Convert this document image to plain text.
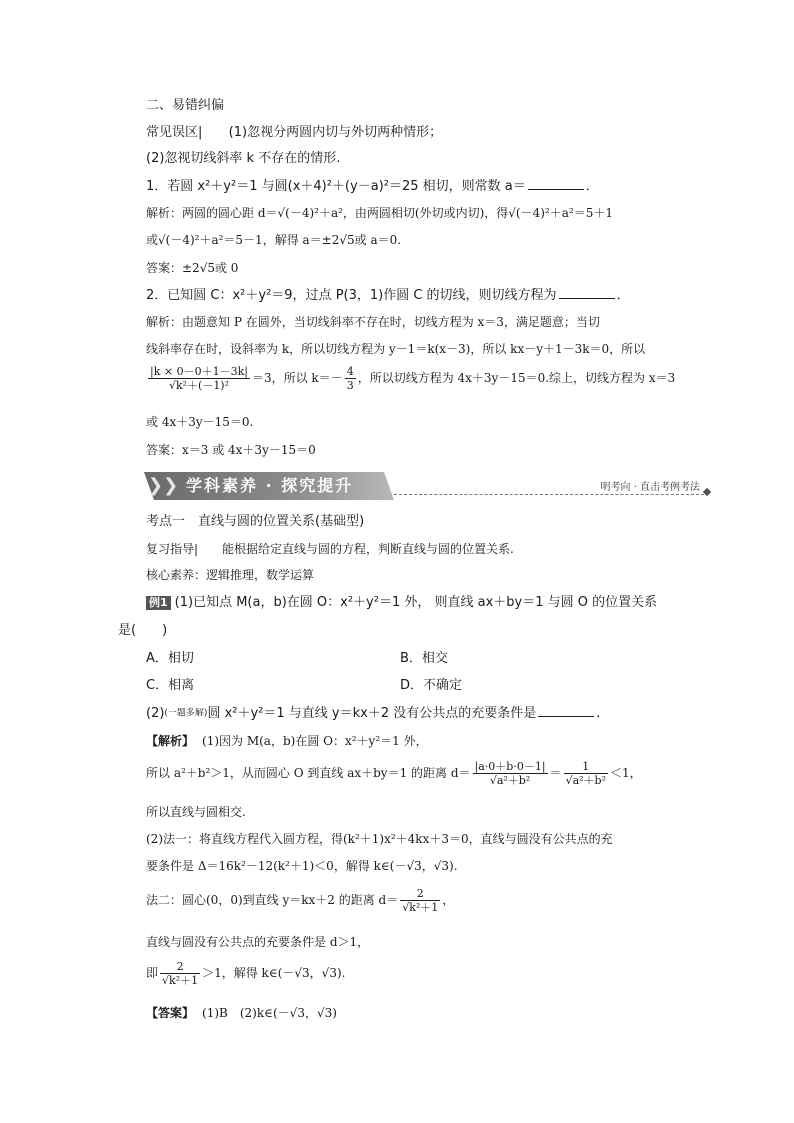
二、易错纠偏
常见误区| (1)忽视分两圆内切与外切两种情形；
(2)忽视切线斜率 k 不存在的情形.
1．若圆 x²＋y²＝1 与圆(x＋4)²＋(y－a)²＝25 相切，则常数 a＝	．
解析：两圆的圆心距 d＝√(－4)²＋a²，由两圆相切(外切或内切)，得√(－4)²＋a²＝5＋1
或√(－4)²＋a²＝5－1，解得 a＝±2√5或 a＝0.
答案：±2√5或 0
2．已知圆 C：x²＋y²＝9，过点 P(3，1)作圆 C 的切线，则切线方程为	．
解析：由题意知 P 在圆外，当切线斜率不存在时，切线方程为 x＝3，满足题意；当切
线斜率存在时，设斜率为 k，所以切线方程为 y－1＝k(x－3)，所以 kx－y＋1－3k＝0，所以
$\frac{|k \times 0-0+1-3k|}{\text{√k²＋(－1)²}} =3$，所以 $k=- \frac{4}{3}$ ，所以切线方程为 4x＋3y－15＝0.综上，切线方程为 x＝3
或 4x＋3y－15＝0.
答案：x＝3 或 4x＋3y－15＝0
❯❯ 学科素养 · 探究提升	明考向 · 直击考例考法
考点一　直线与圆的位置关系(基础型)
复习指导|　　能根据给定直线与圆的方程，判断直线与圆的位置关系.
核心素养：逻辑推理，数学运算
例1 (1)已知点 M(a，b)在圆 O：x²＋y²＝1 外， 则直线 ax＋by＝1 与圆 O 的位置关系
是(　　)
A．相切	B．相交
C．相离	D．不确定
(2)(一题多解)圆 x²＋y²＝1 与直线 y＝kx＋2 没有公共点的充要条件是	．
【解析】 (1)因为 M(a，b)在圆 O：x²＋y²＝1 外，
所以 a²＋b²＞1，从而圆心 O 到直线 ax＋by＝1 的距离 $d= \frac{|a\cdot 0+b\cdot 0-1|}{\text{√a²＋b²}} = \frac{1}{\text{√a²＋b²}} <1$，
所以直线与圆相交.
(2)法一：将直线方程代入圆方程，得(k²＋1)x²＋4kx＋3＝0，直线与圆没有公共点的充
要条件是 Δ＝16k²－12(k²＋1)＜0，解得 k∈(－√3，√3).
法二：圆心(0，0)到直线 y＝kx＋2 的距离 $d= \frac{2}{\text{√k²＋1}}$ ，
直线与圆没有公共点的充要条件是 d＞1，
即 $\frac{2}{\text{√k²＋1}} >1$，解得 k∈(－√3，√3).
【答案】 (1)B　(2)k∈(－√3，√3)
